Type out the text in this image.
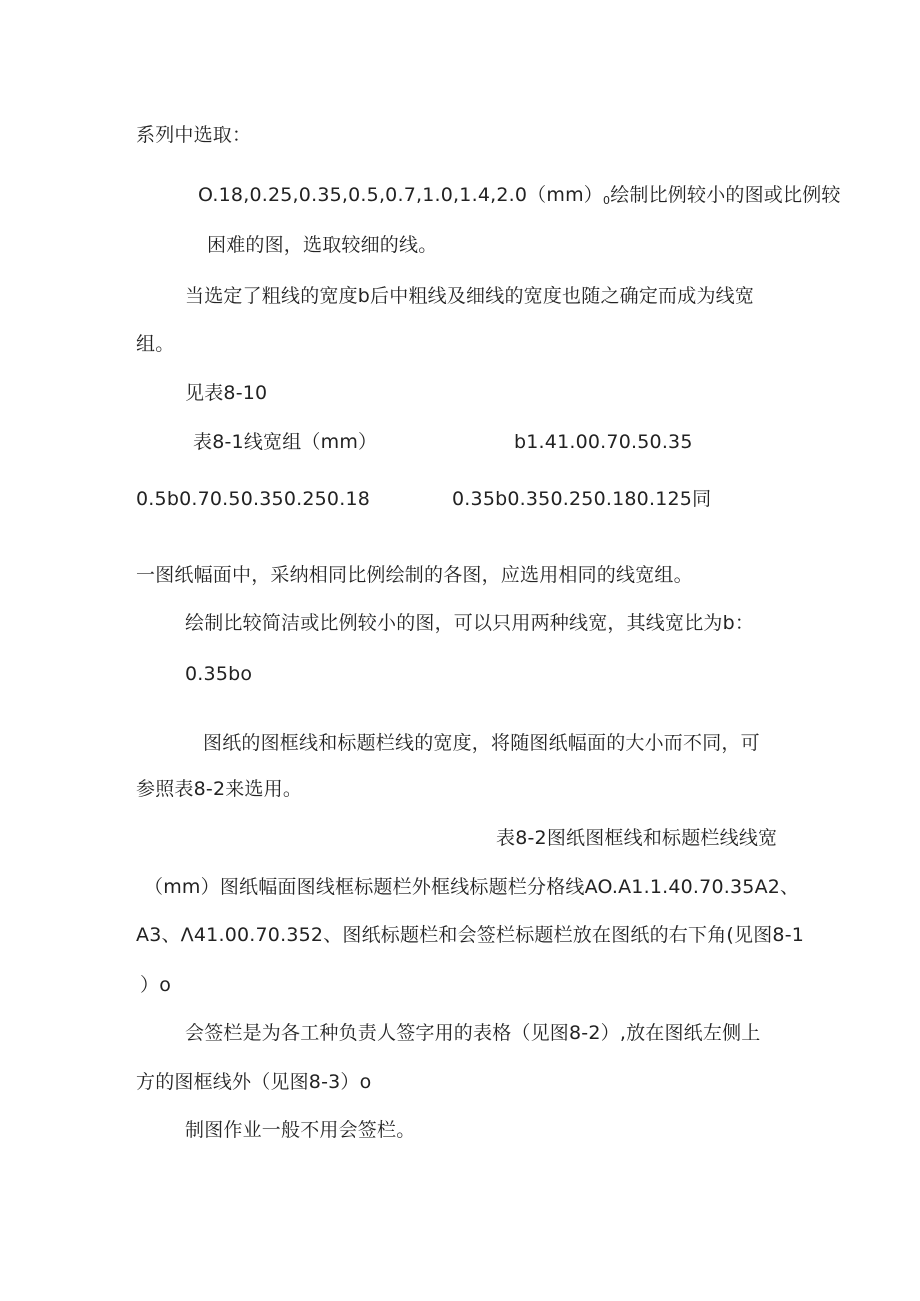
系列中选取：
$O.18,0.25,0.35,0.5,0.7,1.0,1.4,2.0(mm)_0$绘制比例较小的图或比例较
困难的图，选取较细的线。
当选定了粗线的宽度b后中粗线及细线的宽度也随之确定而成为线宽
组。
见表8-10
表8-1线宽组（mm）	b1.41.00.70.50.35
0.5b0.70.50.350.250.18	0.35b0.350.250.180.125同
一图纸幅面中，采纳相同比例绘制的各图，应选用相同的线宽组。
绘制比较简洁或比例较小的图，可以只用两种线宽，其线宽比为b：
0.35bo
图纸的图框线和标题栏线的宽度，将随图纸幅面的大小而不同，可
参照表8-2来选用。
表8-2图纸图框线和标题栏线线宽
（mm）图纸幅面图线框标题栏外框线标题栏分格线AO.A1.1.40.70.35A2、
A3、Λ41.00.70.352、图纸标题栏和会签栏标题栏放在图纸的右下角(见图8-1
）o
会签栏是为各工种负责人签字用的表格（见图8-2）,放在图纸左侧上
方的图框线外（见图8-3）o
制图作业一般不用会签栏。
